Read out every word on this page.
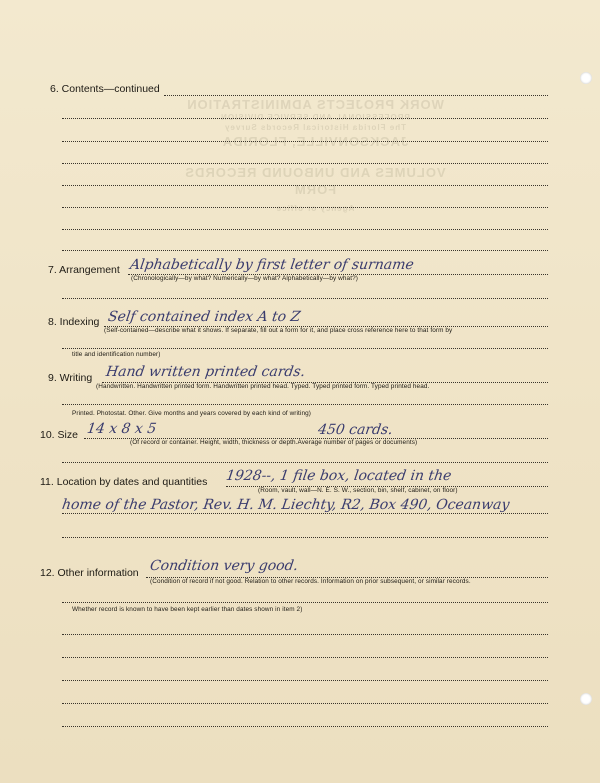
WORK PROJECTS ADMINISTRATION
PROFESSIONAL AND SERVICE DIVISION
The Florida Historical Records Survey
JACKSONVILLE, FLORIDA
VOLUMES AND UNBOUND RECORDS FORM
Agency or office
6. Contents—continued
7. Arrangement Alphabetically by first letter of surname
(Chronologically—by what? Numerically—by what? Alphabetically—by what?)
8. Indexing Self contained index A to Z
(Self-contained—describe what it shows. If separate, fill out a form for it, and place cross reference here to that form by
title and identification number)
9. Writing Hand written printed cards.
(Handwritten. Handwritten printed form. Handwritten printed head. Typed. Typed printed form. Typed printed head.
Printed. Photostat. Other. Give months and years covered by each kind of writing)
10. Size 14 x 8 x 5	450 cards.
(Of record or container. Height, width, thickness or depth.Average number of pages or documents)
11. Location by dates and quantities 1928--, 1 file box, located in the
(Room, vault, wall—N. E. S. W., section, bin, shelf, cabinet, on floor)
home of the Pastor, Rev. H. M. Liechty, R2, Box 490, Oceanway
12. Other information Condition very good.
(Condition of record if not good. Relation to other records. Information on prior subsequent, or similar records.
Whether record is known to have been kept earlier than dates shown in item 2)
